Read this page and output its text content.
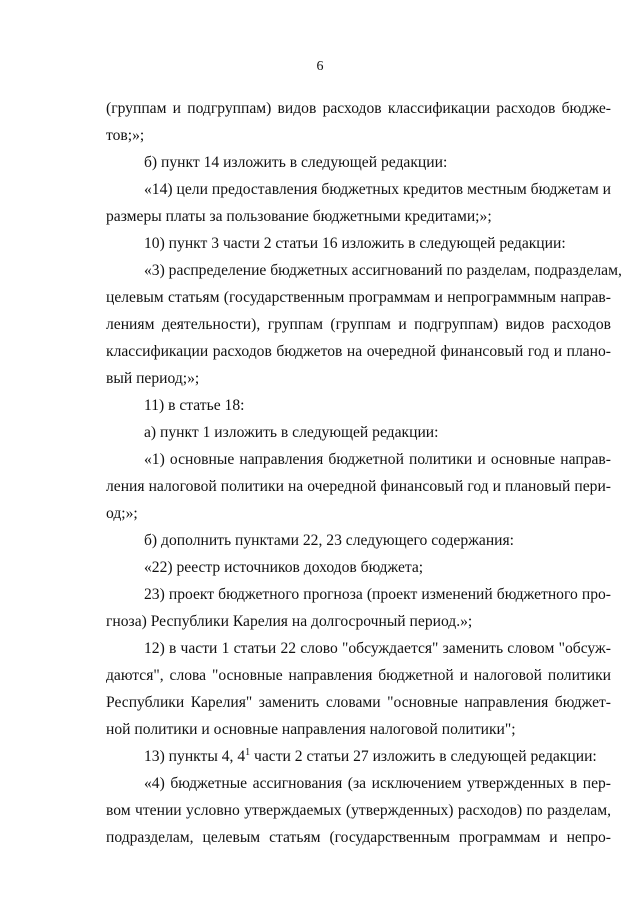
6
(группам и подгруппам) видов расходов классификации расходов бюдже-
тов;»;
б) пункт 14 изложить в следующей редакции:
«14) цели предоставления бюджетных кредитов местным бюджетам и
размеры платы за пользование бюджетными кредитами;»;
10) пункт 3 части 2 статьи 16 изложить в следующей редакции:
«3) распределение бюджетных ассигнований по разделам, подразделам,
целевым статьям (государственным программам и непрограммным направ-
лениям деятельности), группам (группам и подгруппам) видов расходов
классификации расходов бюджетов на очередной финансовый год и плано-
вый период;»;
11) в статье 18:
а) пункт 1 изложить в следующей редакции:
«1) основные направления бюджетной политики и основные направ-
ления налоговой политики на очередной финансовый год и плановый пери-
од;»;
б) дополнить пунктами 22, 23 следующего содержания:
«22) реестр источников доходов бюджета;
23) проект бюджетного прогноза (проект изменений бюджетного про-
гноза) Республики Карелия на долгосрочный период.»;
12) в части 1 статьи 22 слово "обсуждается" заменить словом "обсуж-
даются", слова "основные направления бюджетной и налоговой политики
Республики Карелия" заменить словами "основные направления бюджет-
ной политики и основные направления налоговой политики";
13) пункты 4, $4^1$ части 2 статьи 27 изложить в следующей редакции:
«4) бюджетные ассигнования (за исключением утвержденных в пер-
вом чтении условно утверждаемых (утвержденных) расходов) по разделам,
подразделам, целевым статьям (государственным программам и непро-
